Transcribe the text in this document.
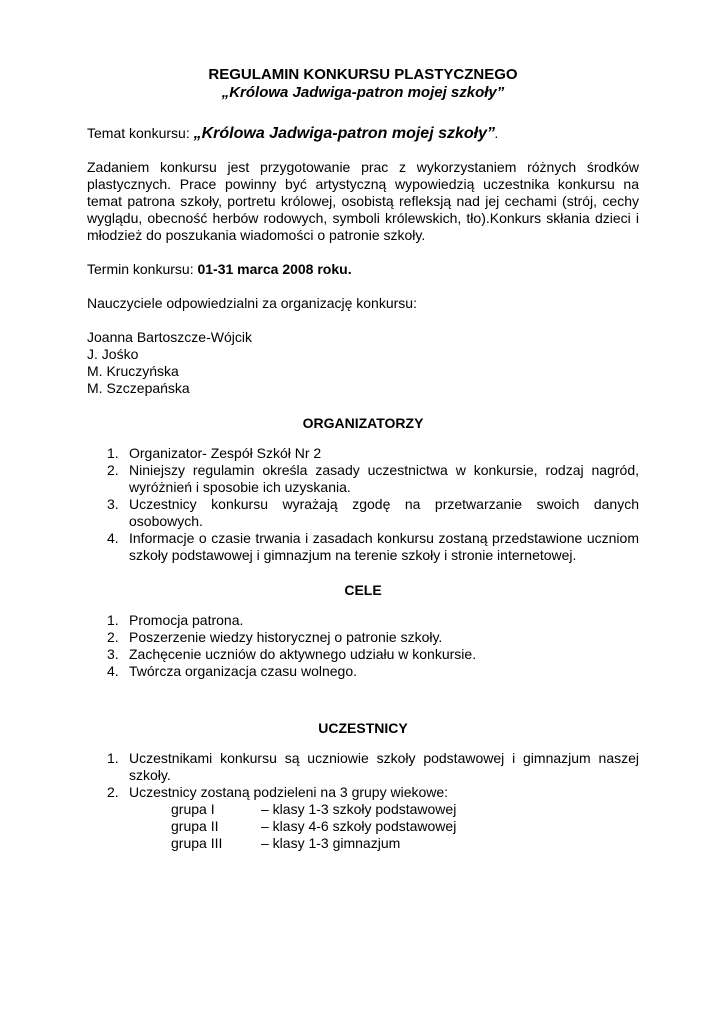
REGULAMIN KONKURSU PLASTYCZNEGO
„Królowa Jadwiga-patron mojej szkoły”
Temat konkursu: „Królowa Jadwiga-patron mojej szkoły”.
Zadaniem konkursu jest przygotowanie prac z wykorzystaniem różnych środków plastycznych. Prace powinny być artystyczną wypowiedzią uczestnika konkursu na temat patrona szkoły, portretu królowej, osobistą refleksją nad jej cechami (strój, cechy wyglądu, obecność herbów rodowych, symboli królewskich, tło).Konkurs skłania dzieci i młodzież do poszukania wiadomości o patronie szkoły.
Termin konkursu: 01-31 marca 2008 roku.
Nauczyciele odpowiedzialni za organizację konkursu:
Joanna Bartoszcze-Wójcik
J. Jośko
M. Kruczyńska
M. Szczepańska
ORGANIZATORZY
1. Organizator- Zespół Szkół Nr 2
2. Niniejszy regulamin określa zasady uczestnictwa w konkursie, rodzaj nagród, wyróżnień i sposobie ich uzyskania.
3. Uczestnicy konkursu wyrażają zgodę na przetwarzanie swoich danych osobowych.
4. Informacje o czasie trwania i zasadach konkursu zostaną przedstawione uczniom szkoły podstawowej i gimnazjum na terenie szkoły i stronie internetowej.
CELE
1. Promocja patrona.
2. Poszerzenie wiedzy historycznej o patronie szkoły.
3. Zachęcenie uczniów do aktywnego udziału w konkursie.
4. Twórcza organizacja czasu wolnego.
UCZESTNICY
1. Uczestnikami konkursu są uczniowie szkoły podstawowej i gimnazjum naszej szkoły.
2. Uczestnicy zostaną podzieleni na 3 grupy wiekowe:
grupa I	– klasy 1-3 szkoły podstawowej
grupa II	– klasy 4-6 szkoły podstawowej
grupa III	– klasy 1-3 gimnazjum
